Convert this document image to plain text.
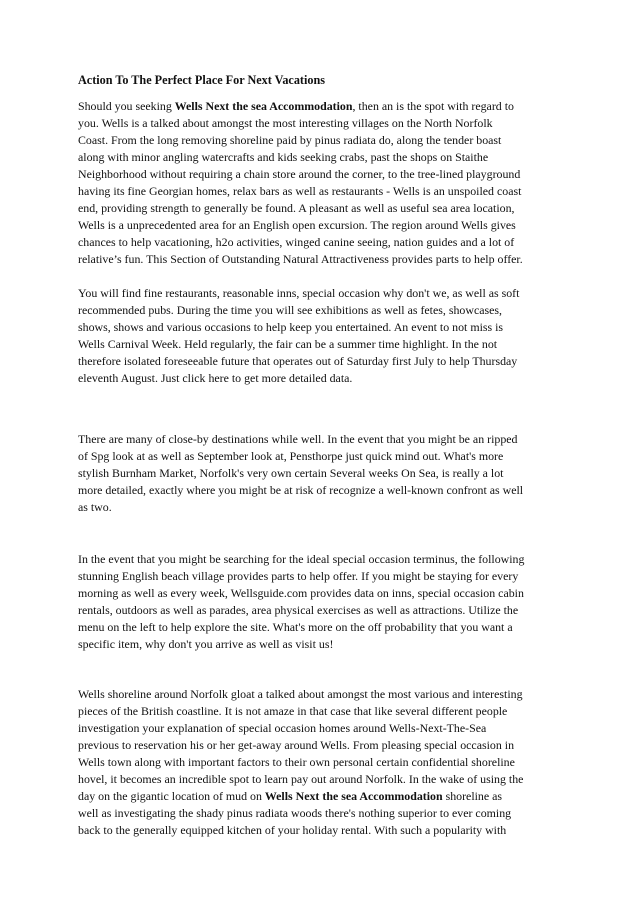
Action To The Perfect Place For Next Vacations
Should you seeking Wells Next the sea Accommodation, then an is the spot with regard to
you. Wells is a talked about amongst the most interesting villages on the North Norfolk
Coast. From the long removing shoreline paid by pinus radiata do, along the tender boast
along with minor angling watercrafts and kids seeking crabs, past the shops on Staithe
Neighborhood without requiring a chain store around the corner, to the tree-lined playground
having its fine Georgian homes, relax bars as well as restaurants - Wells is an unspoiled coast
end, providing strength to generally be found. A pleasant as well as useful sea area location,
Wells is a unprecedented area for an English open excursion. The region around Wells gives
chances to help vacationing, h2o activities, winged canine seeing, nation guides and a lot of
relative’s fun. This Section of Outstanding Natural Attractiveness provides parts to help offer.
You will find fine restaurants, reasonable inns, special occasion why don't we, as well as soft
recommended pubs. During the time you will see exhibitions as well as fetes, showcases,
shows, shows and various occasions to help keep you entertained. An event to not miss is
Wells Carnival Week. Held regularly, the fair can be a summer time highlight. In the not
therefore isolated foreseeable future that operates out of Saturday first July to help Thursday
eleventh August. Just click here to get more detailed data.
There are many of close-by destinations while well. In the event that you might be an ripped
of Spg look at as well as September look at, Pensthorpe just quick mind out. What's more
stylish Burnham Market, Norfolk's very own certain Several weeks On Sea, is really a lot
more detailed, exactly where you might be at risk of recognize a well-known confront as well
as two.
In the event that you might be searching for the ideal special occasion terminus, the following
stunning English beach village provides parts to help offer. If you might be staying for every
morning as well as every week, Wellsguide.com provides data on inns, special occasion cabin
rentals, outdoors as well as parades, area physical exercises as well as attractions. Utilize the
menu on the left to help explore the site. What's more on the off probability that you want a
specific item, why don't you arrive as well as visit us!
Wells shoreline around Norfolk gloat a talked about amongst the most various and interesting
pieces of the British coastline. It is not amaze in that case that like several different people
investigation your explanation of special occasion homes around Wells-Next-The-Sea
previous to reservation his or her get-away around Wells. From pleasing special occasion in
Wells town along with important factors to their own personal certain confidential shoreline
hovel, it becomes an incredible spot to learn pay out around Norfolk. In the wake of using the
day on the gigantic location of mud on Wells Next the sea Accommodation shoreline as
well as investigating the shady pinus radiata woods there's nothing superior to ever coming
back to the generally equipped kitchen of your holiday rental. With such a popularity with
